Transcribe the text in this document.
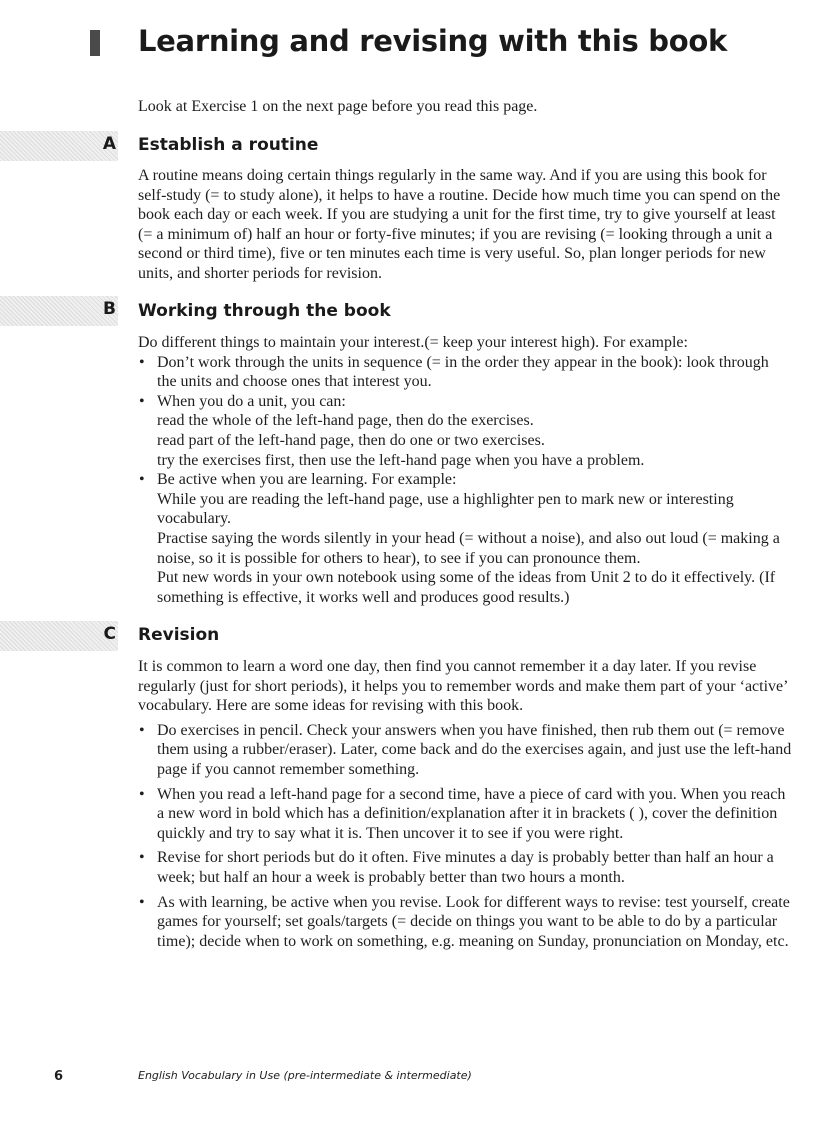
Learning and revising with this book
Look at Exercise 1 on the next page before you read this page.
A Establish a routine

A routine means doing certain things regularly in the same way. And if you are using this book for self-study (= to study alone), it helps to have a routine. Decide how much time you can spend on the book each day or each week. If you are studying a unit for the first time, try to give yourself at least (= a minimum of) half an hour or forty-five minutes; if you are revising (= looking through a unit a second or third time), five or ten minutes each time is very useful. So, plan longer periods for new units, and shorter periods for revision.

B Working through the book

Do different things to maintain your interest.(= keep your interest high). For example:

• Don’t work through the units in sequence (= in the order they appear in the book): look through the units and choose ones that interest you.
• When you do a unit, you can:

read the whole of the left-hand page, then do the exercises.

read part of the left-hand page, then do one or two exercises.

try the exercises first, then use the left-hand page when you have a problem.

• Be active when you are learning. For example:

While you are reading the left-hand page, use a highlighter pen to mark new or interesting vocabulary.

Practise saying the words silently in your head (= without a noise), and also out loud (= making a noise, so it is possible for others to hear), to see if you can pronounce them.

Put new words in your own notebook using some of the ideas from Unit 2 to do it effectively. (If something is effective, it works well and produces good results.)

C Revision

It is common to learn a word one day, then find you cannot remember it a day later. If you revise regularly (just for short periods), it helps you to remember words and make them part of your ‘active’ vocabulary. Here are some ideas for revising with this book.

• Do exercises in pencil. Check your answers when you have finished, then rub them out (= remove them using a rubber/eraser). Later, come back and do the exercises again, and just use the left-hand page if you cannot remember something.
• When you read a left-hand page for a second time, have a piece of card with you. When you reach a new word in bold which has a definition/explanation after it in brackets ( ), cover the definition quickly and try to say what it is. Then uncover it to see if you were right.
• Revise for short periods but do it often. Five minutes a day is probably better than half an hour a week; but half an hour a week is probably better than two hours a month.
• As with learning, be active when you revise. Look for different ways to revise: test yourself, create games for yourself; set goals/targets (= decide on things you want to be able to do by a particular time); decide when to work on something, e.g. meaning on Sunday, pronunciation on Monday, etc.
6	English Vocabulary in Use (pre-intermediate & intermediate)
